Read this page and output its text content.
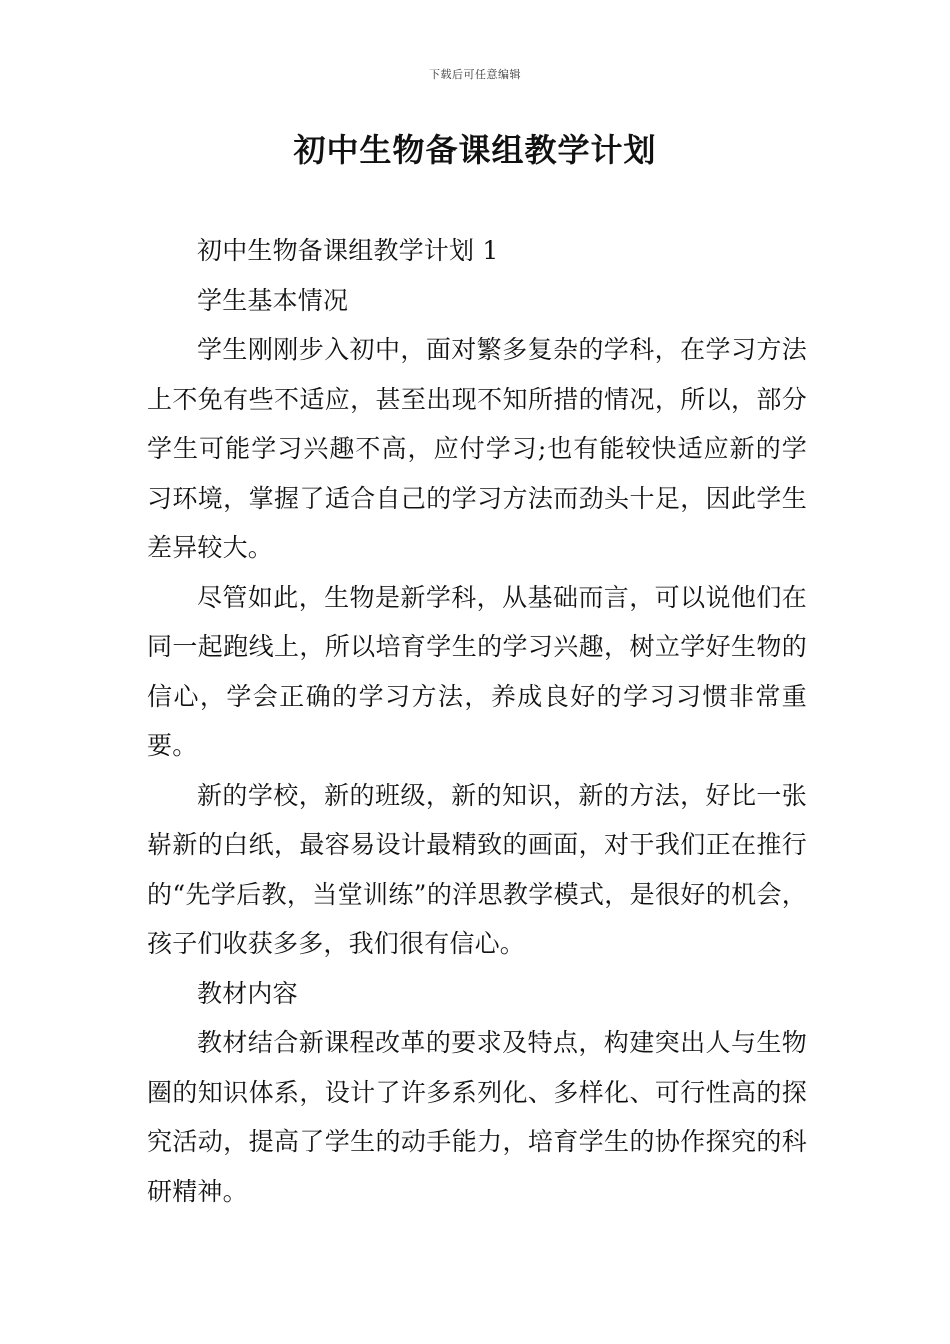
下载后可任意编辑
初中生物备课组教学计划

初中生物备课组教学计划 1

学生基本情况

学生刚刚步入初中，面对繁多复杂的学科，在学习方法上不免有些不适应，甚至出现不知所措的情况，所以，部分学生可能学习兴趣不高，应付学习;也有能较快适应新的学习环境，掌握了适合自己的学习方法而劲头十足，因此学生差异较大。

尽管如此，生物是新学科，从基础而言，可以说他们在同一起跑线上，所以培育学生的学习兴趣，树立学好生物的信心，学会正确的学习方法，养成良好的学习习惯非常重要。

新的学校，新的班级，新的知识，新的方法，好比一张崭新的白纸，最容易设计最精致的画面，对于我们正在推行的“先学后教，当堂训练”的洋思教学模式，是很好的机会，孩子们收获多多，我们很有信心。

教材内容

教材结合新课程改革的要求及特点，构建突出人与生物圈的知识体系，设计了许多系列化、多样化、可行性高的探究活动，提高了学生的动手能力，培育学生的协作探究的科研精神。
